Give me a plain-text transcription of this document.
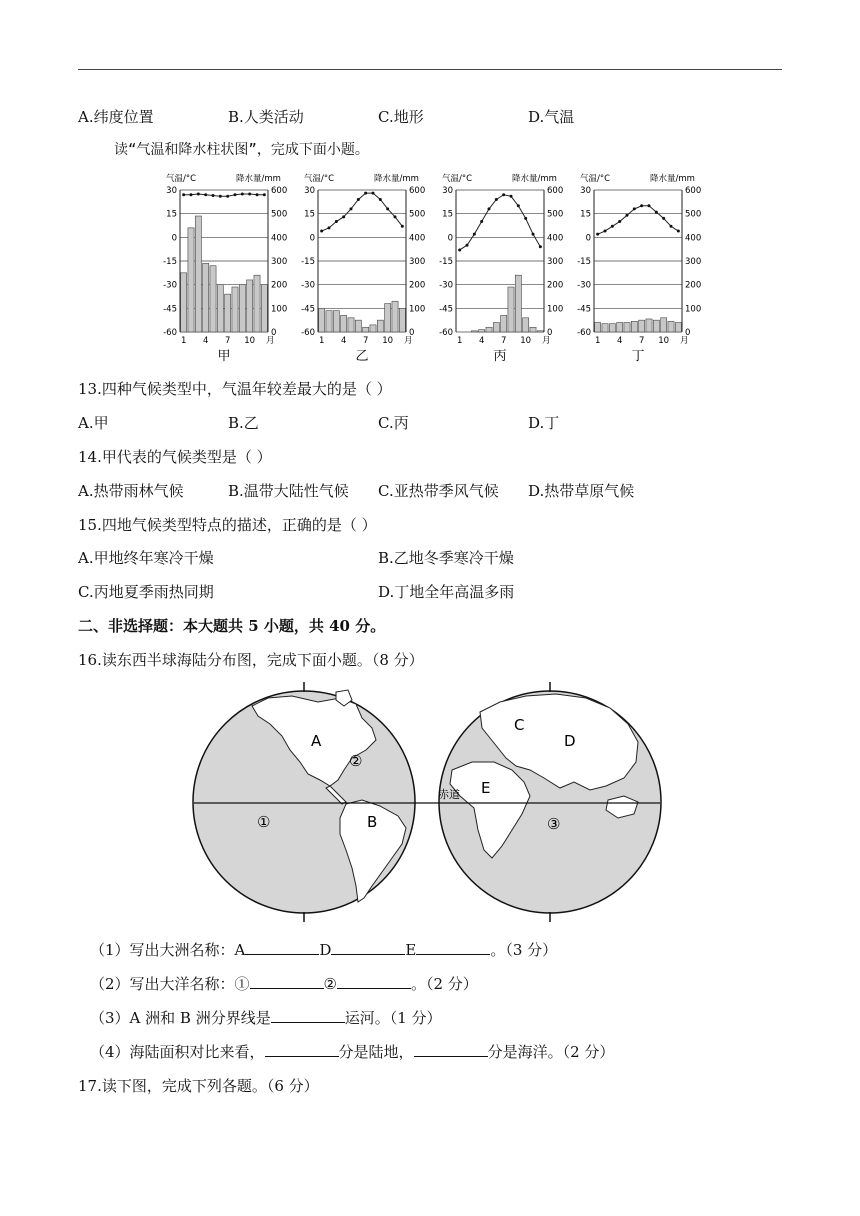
A.纬度位置	B.人类活动	C.地形	D.气温
读“气温和降水柱状图”，完成下面小题。
气温/°C	降水量/mm
30	600
15	500
0	400
-15	300
-30	200
-45	100
-60	0
1 4 7 10 月
甲
气温/°C	降水量/mm
30	600
15	500
0	400
-15	300
-30	200
-45	100
-60	0
1 4 7 10 月
乙
气温/°C	降水量/mm
30	600
15	500
0	400
-15	300
-30	200
-45	100
-60	0
1 4 7 10 月
丙
气温/°C	降水量/mm
30	600
15	500
0	400
-15	300
-30	200
-45	100
-60	0
1 4 7 10 月
丁
13.四种气候类型中，气温年较差最大的是（ ）
A.甲	B.乙	C.丙	D.丁
14.甲代表的气候类型是（ ）
A.热带雨林气候	B.温带大陆性气候 C.亚热带季风气候 D.热带草原气候
15.四地气候类型特点的描述，正确的是（ ）
A.甲地终年寒冷干燥	B.乙地冬季寒冷干燥
C.丙地夏季雨热同期	D.丁地全年高温多雨
二、非选择题：本大题共 5 小题，共 40 分。
16.读东西半球海陆分布图，完成下面小题。（8 分）
A
B
C
D
E
①
②
③
赤道
（1）写出大洲名称：A	D	E	。（3 分）
（2）写出大洋名称：①	②	。（2 分）
（3）A 洲和 B 洲分界线是	运河。（1 分）
（4）海陆面积对比来看，	分是陆地，	分是海洋。（2 分）
17.读下图，完成下列各题。（6 分）
